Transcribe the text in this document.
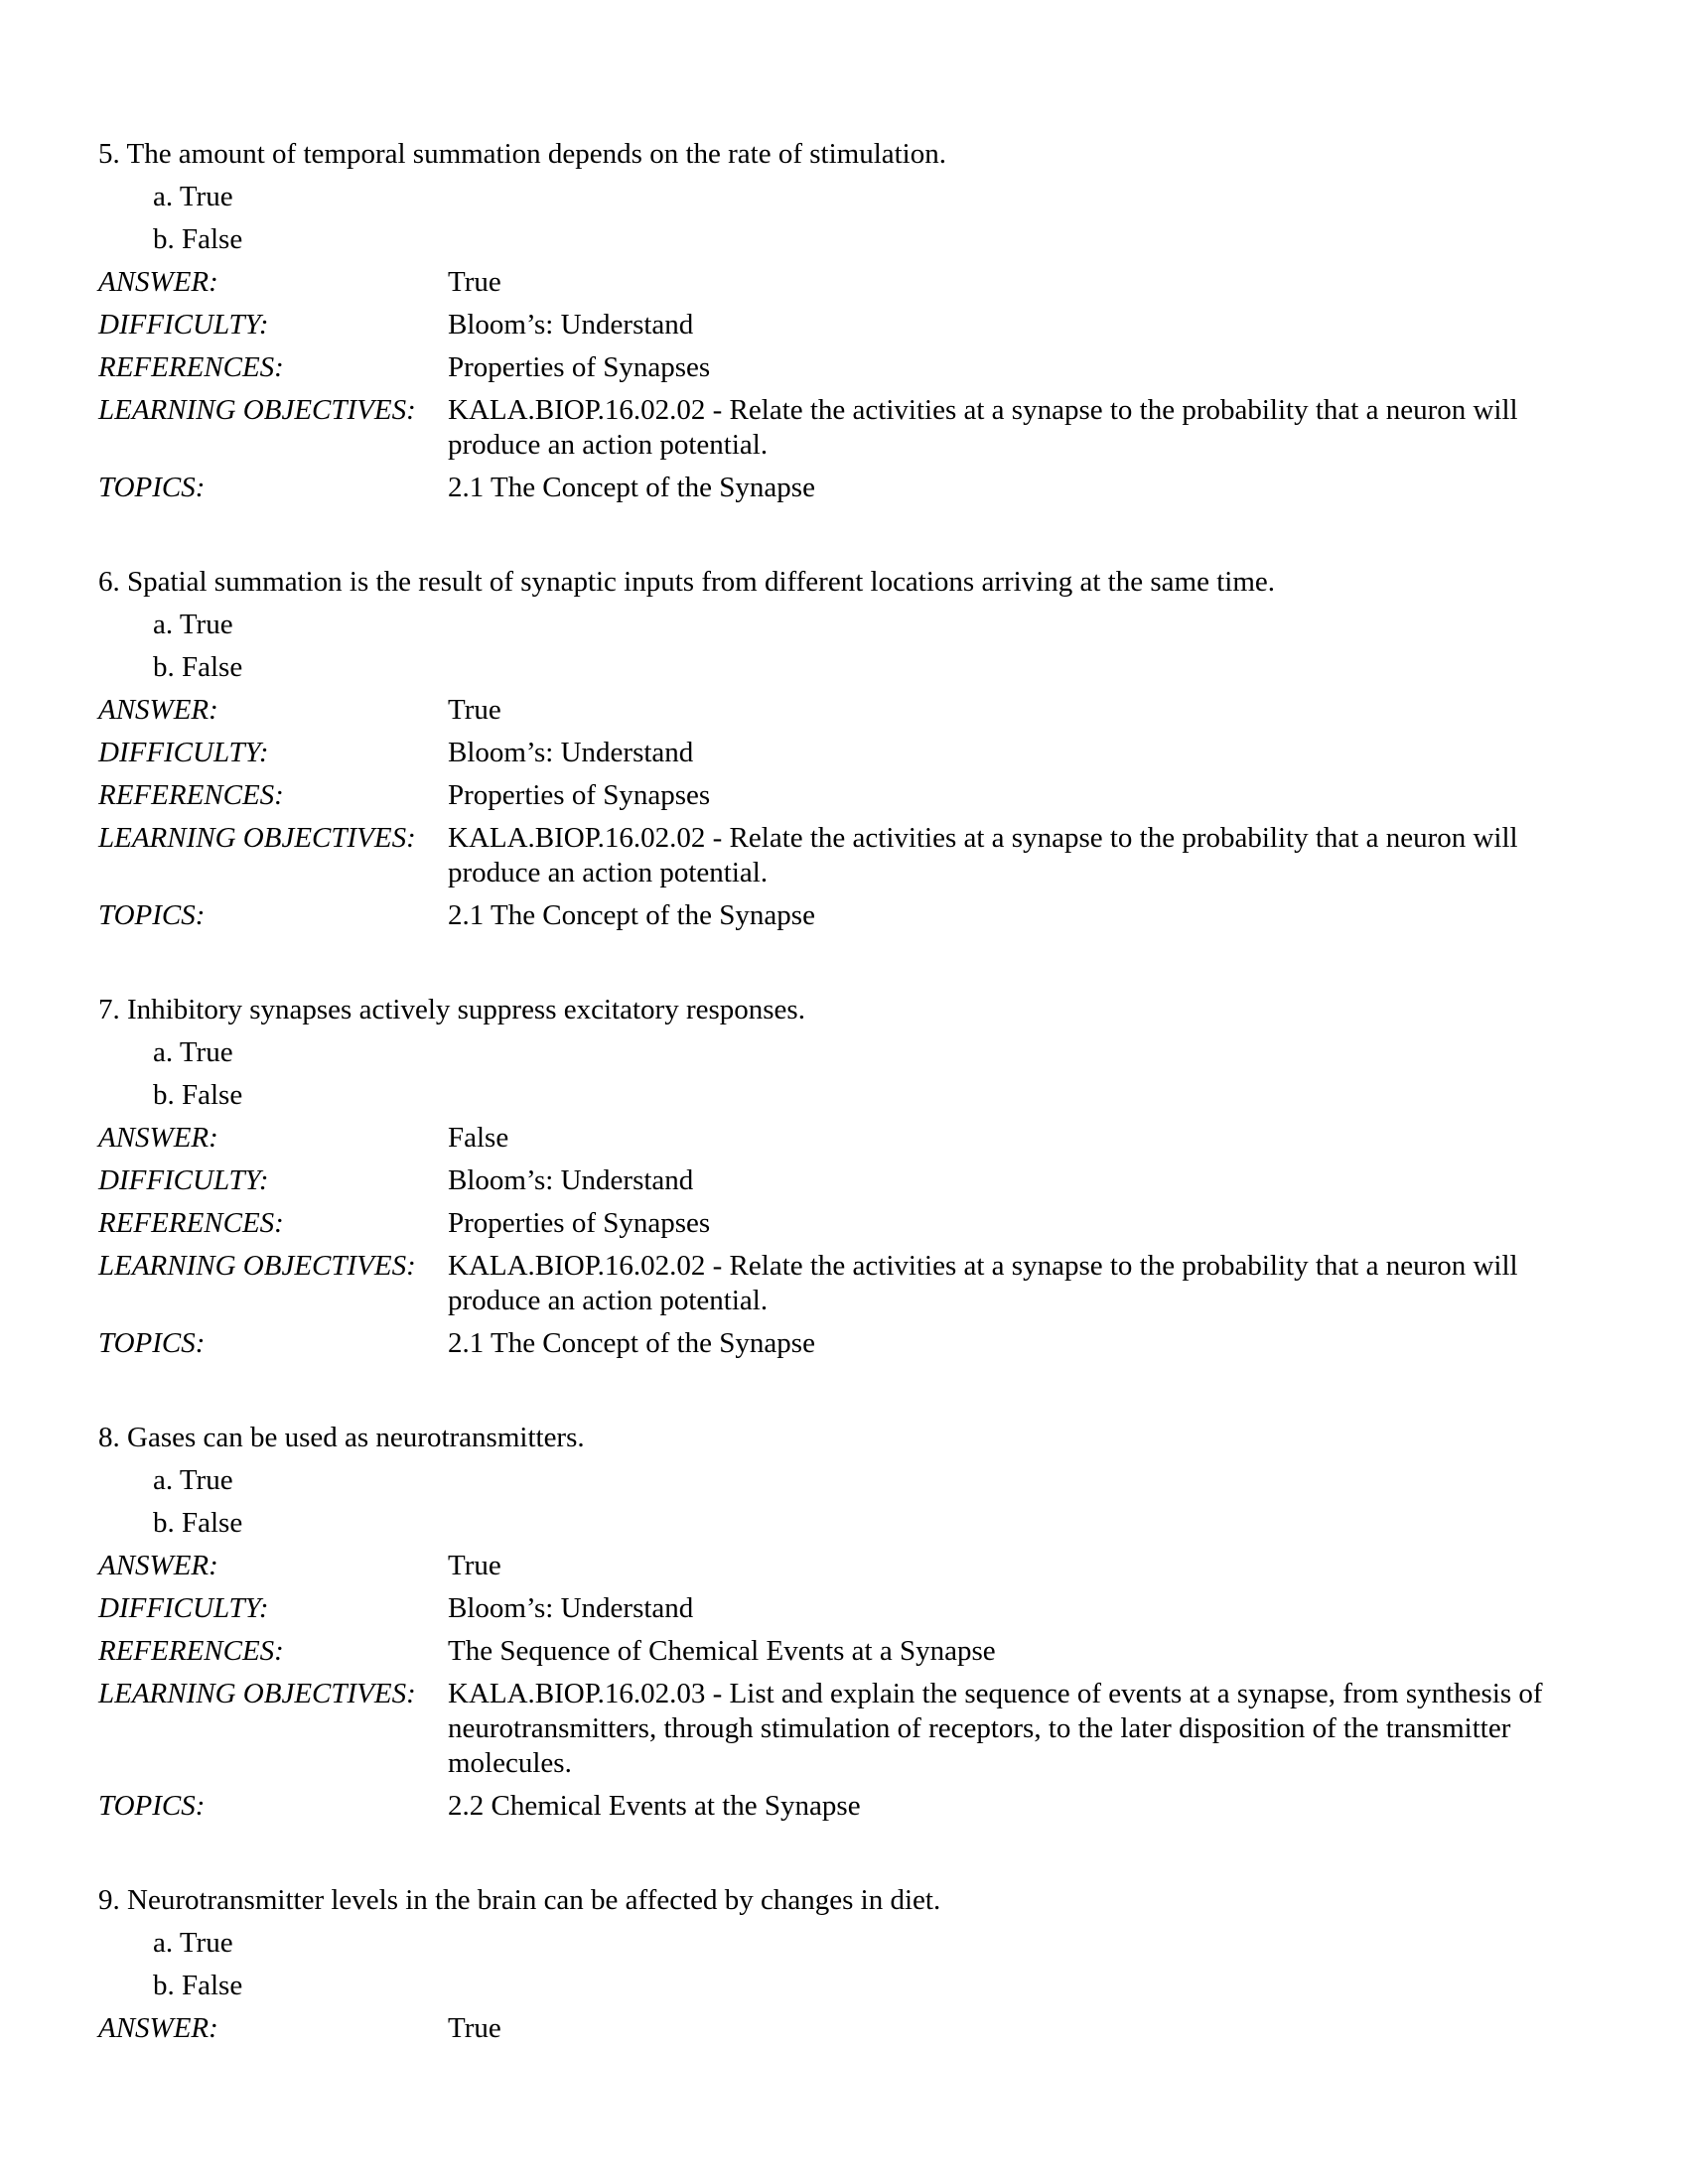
5. The amount of temporal summation depends on the rate of stimulation.
a. True
b. False
ANSWER:	True
DIFFICULTY:	Bloom’s: Understand
REFERENCES:	Properties of Synapses
LEARNING OBJECTIVES:	KALA.BIOP.16.02.02 - Relate the activities at a synapse to the probability that a neuron will produce an action potential.
TOPICS:	2.1 The Concept of the Synapse
6. Spatial summation is the result of synaptic inputs from different locations arriving at the same time.
a. True
b. False
ANSWER:	True
DIFFICULTY:	Bloom’s: Understand
REFERENCES:	Properties of Synapses
LEARNING OBJECTIVES:	KALA.BIOP.16.02.02 - Relate the activities at a synapse to the probability that a neuron will produce an action potential.
TOPICS:	2.1 The Concept of the Synapse
7. Inhibitory synapses actively suppress excitatory responses.
a. True
b. False
ANSWER:	False
DIFFICULTY:	Bloom’s: Understand
REFERENCES:	Properties of Synapses
LEARNING OBJECTIVES:	KALA.BIOP.16.02.02 - Relate the activities at a synapse to the probability that a neuron will produce an action potential.
TOPICS:	2.1 The Concept of the Synapse
8. Gases can be used as neurotransmitters.
a. True
b. False
ANSWER:	True
DIFFICULTY:	Bloom’s: Understand
REFERENCES:	The Sequence of Chemical Events at a Synapse
LEARNING OBJECTIVES:	KALA.BIOP.16.02.03 - List and explain the sequence of events at a synapse, from synthesis of neurotransmitters, through stimulation of receptors, to the later disposition of the transmitter molecules.
TOPICS:	2.2 Chemical Events at the Synapse
9. Neurotransmitter levels in the brain can be affected by changes in diet.
a. True
b. False
ANSWER:	True
